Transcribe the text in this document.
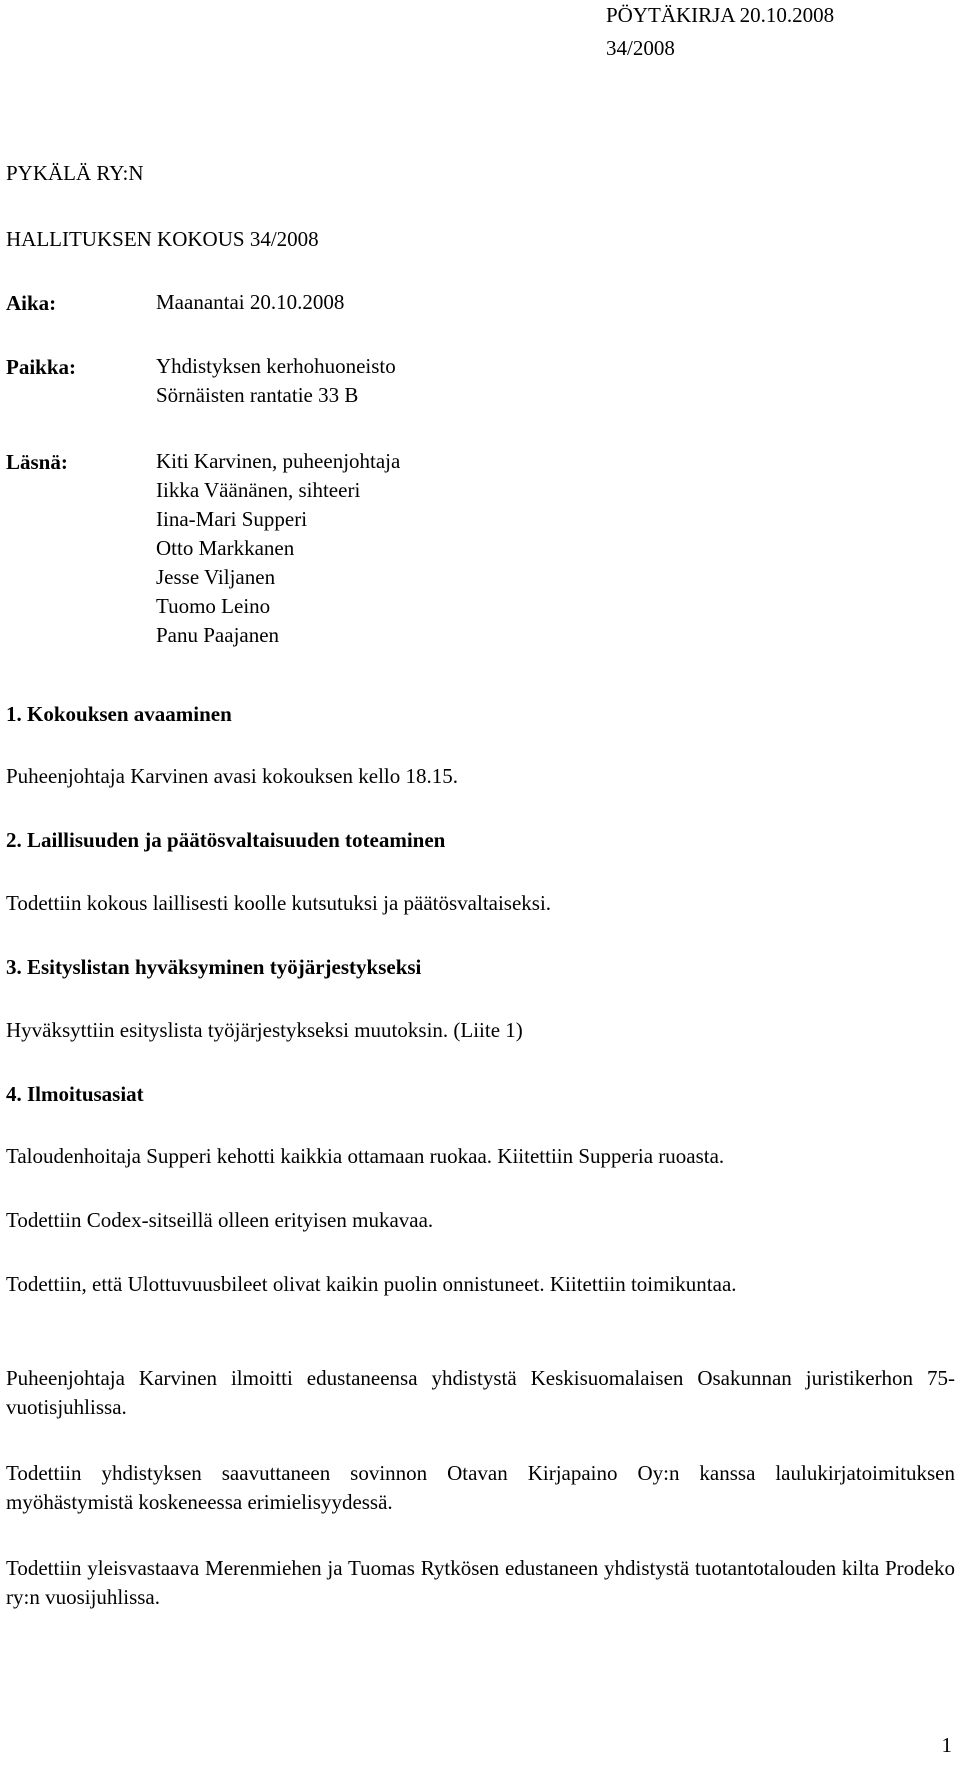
PÖYTÄKIRJA 20.10.2008
34/2008
PYKÄLÄ RY:N
HALLITUKSEN KOKOUS 34/2008
Aika:	Maanantai 20.10.2008
Paikka:	Yhdistyksen kerhohuoneisto
Sörnäisten rantatie 33 B
Läsnä:	Kiti Karvinen, puheenjohtaja
Iikka Väänänen, sihteeri
Iina-Mari Supperi
Otto Markkanen
Jesse Viljanen
Tuomo Leino
Panu Paajanen
1. Kokouksen avaaminen
Puheenjohtaja Karvinen avasi kokouksen kello 18.15.
2. Laillisuuden ja päätösvaltaisuuden toteaminen
Todettiin kokous laillisesti koolle kutsutuksi ja päätösvaltaiseksi.
3. Esityslistan hyväksyminen työjärjestykseksi
Hyväksyttiin esityslista työjärjestykseksi muutoksin. (Liite 1)
4. Ilmoitusasiat
Taloudenhoitaja Supperi kehotti kaikkia ottamaan ruokaa. Kiitettiin Supperia ruoasta.
Todettiin Codex-sitseillä olleen erityisen mukavaa.
Todettiin, että Ulottuvuusbileet olivat kaikin puolin onnistuneet. Kiitettiin toimikuntaa.
Puheenjohtaja Karvinen ilmoitti edustaneensa yhdistystä Keskisuomalaisen Osakunnan juristikerhon 75-vuotisjuhlissa.
Todettiin yhdistyksen saavuttaneen sovinnon Otavan Kirjapaino Oy:n kanssa laulukirjatoimituksen myöhästymistä koskeneessa erimielisyydessä.
Todettiin yleisvastaava Merenmiehen ja Tuomas Rytkösen edustaneen yhdistystä tuotantotalouden kilta Prodeko ry:n vuosijuhlissa.
1
